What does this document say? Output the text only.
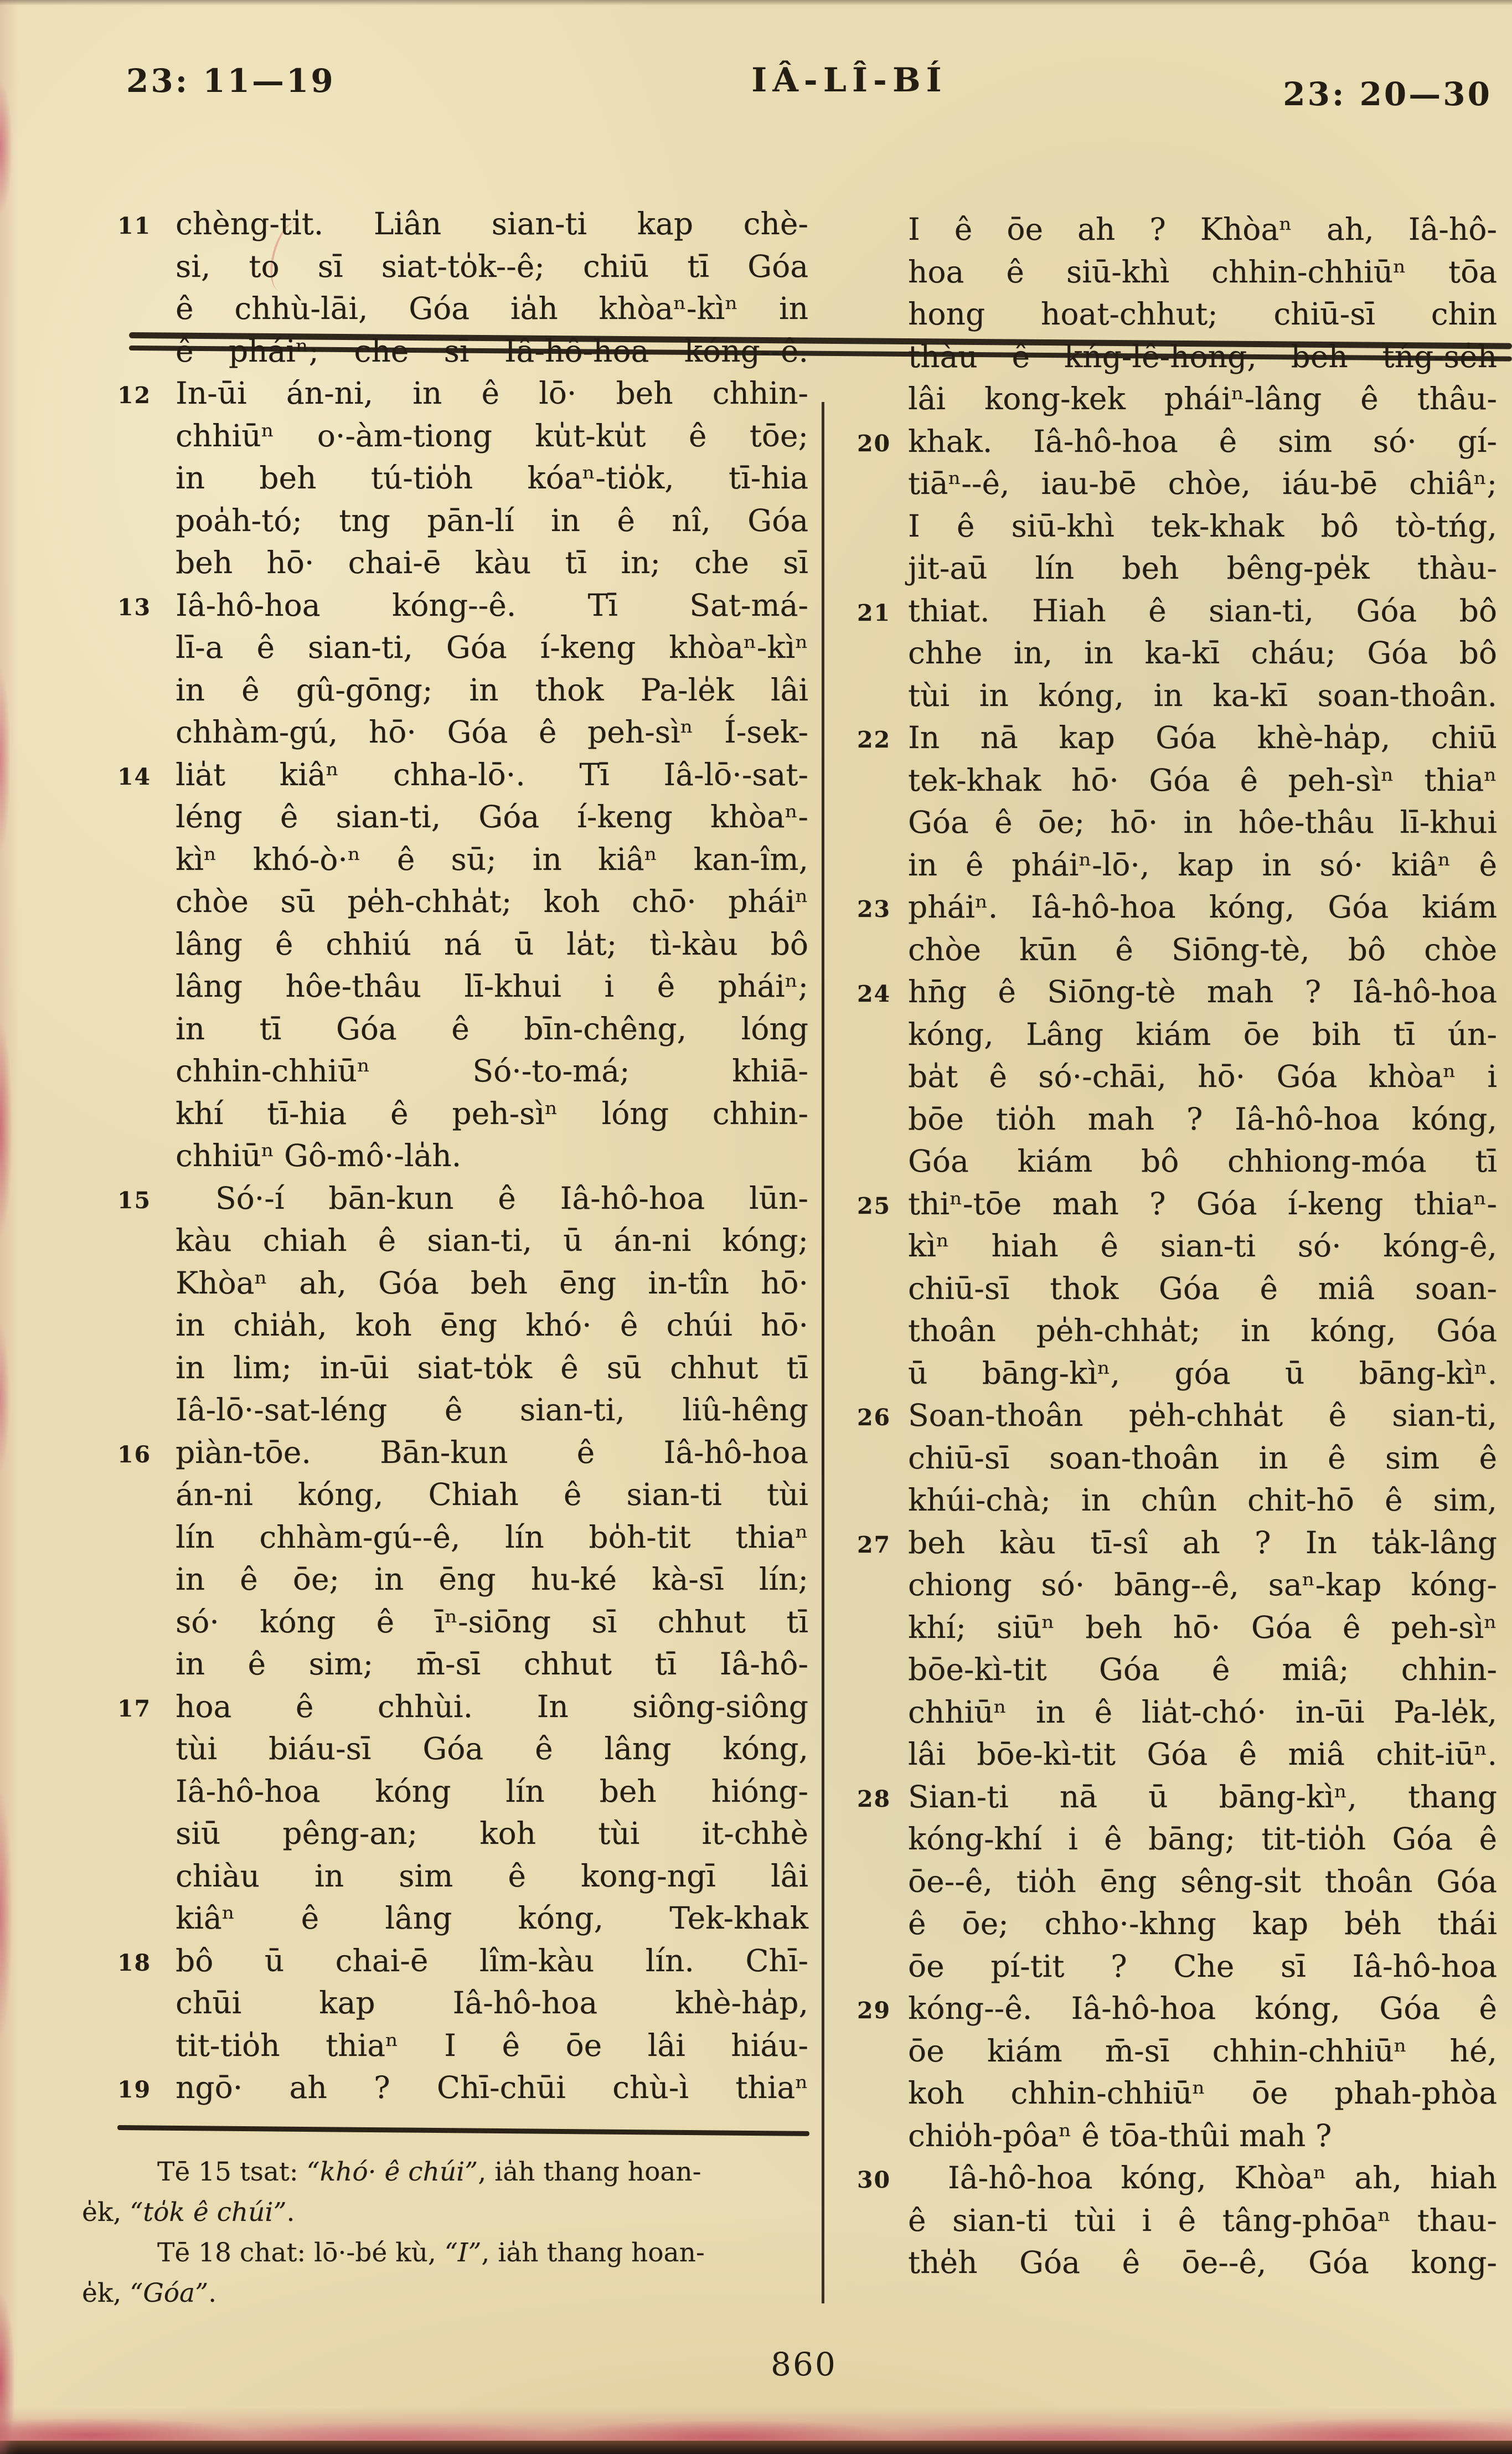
23: 11—19	IÂ-LÎ-BÍ	23: 20—30
11 chèng-ti̍t. Liân sian-ti kap chè-
si, to sī siat-to̍k--ê; chiū tī Góa
ê chhù-lāi, Góa ia̍h khòaⁿ-kìⁿ in
ê pháiⁿ; che sī Iâ-hô-hoa kóng--ê.
12 In-ūi án-ni, in ê lō· beh chhin-
chhiūⁿ o·-àm-tiong ku̍t-ku̍t ê tōe;
in beh tú-tio̍h kóaⁿ-tio̍k, tī-hia
poa̍h-tó; tng pān-lí in ê nî, Góa
beh hō· chai-ē kàu tī in; che sī
13 Iâ-hô-hoa kóng--ê. Tī Sat-má-
lī-a ê sian-ti, Góa í-keng khòaⁿ-kìⁿ
in ê gû-gōng; in thok Pa-le̍k lâi
chhàm-gú, hō· Góa ê peh-sìⁿ Í-sek-
14 lia̍t kiâⁿ chha-lō·. Tī Iâ-lō·-sat-
léng ê sian-ti, Góa í-keng khòaⁿ-
kìⁿ khó-ò·ⁿ ê sū; in kiâⁿ kan-îm,
chòe sū pe̍h-chha̍t; koh chō· pháiⁿ
lâng ê chhiú ná ū la̍t; tì-kàu bô
lâng hôe-thâu lī-khui i ê pháiⁿ;
in tī Góa ê bīn-chêng, lóng
chhin-chhiūⁿ Só·-to-má; khiā-
khí tī-hia ê peh-sìⁿ lóng chhin-
chhiūⁿ Gô-mô·-la̍h.
15	Só·-í bān-kun ê Iâ-hô-hoa lūn-
kàu chiah ê sian-ti, ū án-ni kóng;
Khòaⁿ ah, Góa beh ēng in-tîn hō·
in chia̍h, koh ēng khó· ê chúi hō·
in lim; in-ūi siat-to̍k ê sū chhut tī
Iâ-lō·-sat-léng ê sian-ti, liû-hêng
16 piàn-tōe. Bān-kun ê Iâ-hô-hoa
án-ni kóng, Chiah ê sian-ti tùi
lín chhàm-gú--ê, lín bo̍h-tit thiaⁿ
in ê ōe; in ēng hu-ké kà-sī lín;
só· kóng ê īⁿ-siōng sī chhut tī
in ê sim; m̄-sī chhut tī Iâ-hô-
17 hoa ê chhùi. In siông-siông
tùi biáu-sī Góa ê lâng kóng,
Iâ-hô-hoa kóng lín beh hióng-
siū pêng-an; koh tùi it-chhè
chiàu in sim ê kong-ngī lâi
kiâⁿ ê lâng kóng, Tek-khak
18 bô ū chai-ē lîm-kàu lín. Chī-
chūi kap Iâ-hô-hoa khè-ha̍p,
tit-tio̍h thiaⁿ I ê ōe lâi hiáu-
19 ngō· ah ? Chī-chūi chù-ì thiaⁿ
I ê ōe ah ? Khòaⁿ ah, Iâ-hô-
hoa ê siū-khì chhin-chhiūⁿ tōa
hong hoat-chhut; chiū-sī chin
thàu ê kńg-lê-hong, beh tńg-se̍h
lâi kong-kek pháiⁿ-lâng ê thâu-
20 khak. Iâ-hô-hoa ê sim só· gí-
tiāⁿ--ê, iau-bē chòe, iáu-bē chiâⁿ;
I ê siū-khì tek-khak bô tò-tńg,
ji̍t-aū lín beh bêng-pe̍k thàu-
21 thiat. Hiah ê sian-ti, Góa bô
chhe in, in ka-kī cháu; Góa bô
tùi in kóng, in ka-kī soan-thoân.
22 In nā kap Góa khè-ha̍p, chiū
tek-khak hō· Góa ê peh-sìⁿ thiaⁿ
Góa ê ōe; hō· in hôe-thâu lī-khui
in ê pháiⁿ-lō·, kap in só· kiâⁿ ê
23 pháiⁿ. Iâ-hô-hoa kóng, Góa kiám
chòe kūn ê Siōng-tè, bô chòe
24 hn̄g ê Siōng-tè mah ? Iâ-hô-hoa
kóng, Lâng kiám ōe bih tī ún-
ba̍t ê só·-chāi, hō· Góa khòaⁿ i
bōe tio̍h mah ? Iâ-hô-hoa kóng,
Góa kiám bô chhiong-móa tī
25 thiⁿ-tōe mah ? Góa í-keng thiaⁿ-
kìⁿ hiah ê sian-ti só· kóng-ê,
chiū-sī thok Góa ê miâ soan-
thoân pe̍h-chha̍t; in kóng, Góa
ū bāng-kìⁿ, góa ū bāng-kìⁿ.
26 Soan-thoân pe̍h-chha̍t ê sian-ti,
chiū-sī soan-thoân in ê sim ê
khúi-chà; in chûn chit-hō ê sim,
27 beh kàu tī-sî ah ? In ta̍k-lâng
chiong só· bāng--ê, saⁿ-kap kóng-
khí; siūⁿ beh hō· Góa ê peh-sìⁿ
bōe-kì-tit Góa ê miâ; chhin-
chhiūⁿ in ê lia̍t-chó· in-ūi Pa-le̍k,
lâi bōe-kì-tit Góa ê miâ chit-iūⁿ.
28 Sian-ti nā ū bāng-kìⁿ, thang
kóng-khí i ê bāng; tit-tio̍h Góa ê
ōe--ê, tio̍h ēng sêng-si̍t thoân Góa
ê ōe; chho·-khng kap be̍h thái
ōe pí-tit ? Che sī Iâ-hô-hoa
29 kóng--ê. Iâ-hô-hoa kóng, Góa ê
ōe kiám m̄-sī chhin-chhiūⁿ hé,
koh chhin-chhiūⁿ ōe phah-phòa
chio̍h-pôaⁿ ê tōa-thûi mah ?
30	Iâ-hô-hoa kóng, Khòaⁿ ah, hiah
ê sian-ti tùi i ê tâng-phōaⁿ thau-
the̍h Góa ê ōe--ê, Góa kong-
Tē 15 tsat: “khó· ê chúi”, ia̍h thang hoan-
e̍k, “to̍k ê chúi”.
Tē 18 chat: lō·-bé kù, “I”, ia̍h thang hoan-
e̍k, “Góa”.
860
